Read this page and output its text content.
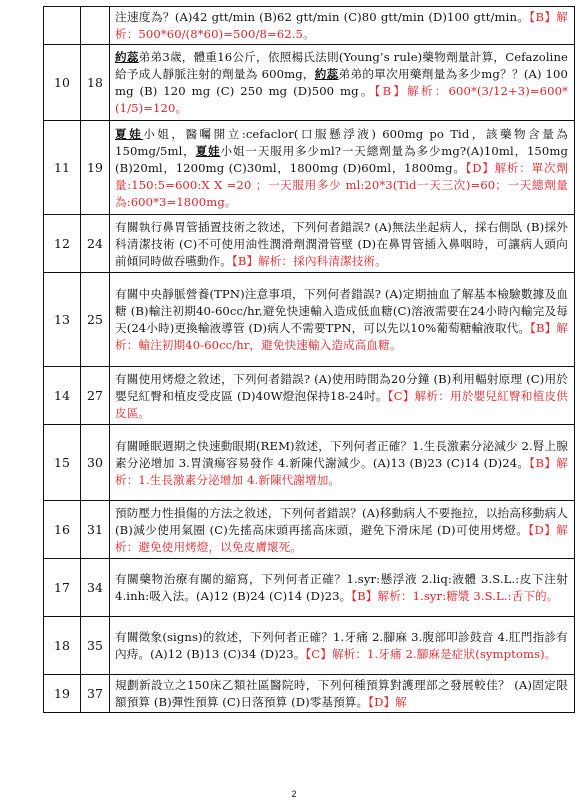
		注速度為？(A)42 gtt/min (B)62 gtt/min (C)80 gtt/min (D)100 gtt/min。【B】解析：500*60/(8*60)=500/8=62.5。
10	18	約蕊弟弟3歲，體重16公斤，依照楊氏法則(Young’s rule)藥物劑量計算，Cefazoline 給予成人靜脈注射的劑量為 600mg，約蕊弟弟的單次用藥劑量為多少mg？？(A) 100 mg (B) 120 mg (C) 250 mg (D)500 mg。【B】解析：600*(3/12+3)=600*(1/5)=120。
11	19	夏娃小姐，醫囑開立:cefaclor(口服懸浮液) 600mg po Tid，該藥物含量為150mg/5ml，夏娃小姐一天服用多少ml?一天總劑量為多少mg?(A)10ml，150mg (B)20ml，1200mg (C)30ml，1800mg (D)60ml，1800mg。【D】解析：單次劑量:150:5=600:X X =20 ；一天服用多少 ml:20*3(Tid一天三次)=60；一天總劑量為:600*3=1800mg。
12	24	有關執行鼻胃管插置技術之敘述，下列何者錯誤? (A)無法坐起病人，採右側臥 (B)採外科清潔技術 (C)不可使用油性潤滑劑潤滑管壁 (D)在鼻胃管插入鼻咽時，可讓病人頭向前傾同時做吞嚥動作。【B】解析：採內科清潔技術。
13	25	有關中央靜脈營養(TPN)注意事項，下列何者錯誤? (A)定期抽血了解基本檢驗數據及血糖 (B)輸注初期40-60cc/hr,避免快速輸入造成低血糖(C)溶液需要在24小時內輸完及每天(24小時)更換輸液導管 (D)病人不需要TPN，可以先以10%葡萄糖輸液取代。【B】解析：輸注初期40-60cc/hr，避免快速輸入造成高血糖。
14	27	有關使用烤燈之敘述，下列何者錯誤? (A)使用時間為20分鐘 (B)利用輻射原理 (C)用於嬰兒紅臀和植皮受皮區 (D)40W燈泡保持18-24吋。【C】解析：用於嬰兒紅臀和植皮供皮區。
15	30	有關睡眠週期之快速動眼期(REM)敘述，下列何者正確？1.生長激素分泌減少 2.腎上腺素分泌增加 3.胃潰瘍容易發作 4.新陳代謝減少。(A)13 (B)23 (C)14 (D)24。【B】解析：1.生長激素分泌增加 4.新陳代謝增加。
16	31	預防壓力性損傷的方法之敘述，下列何者錯誤？(A)移動病人不要拖拉，以抬高移動病人 (B)減少使用氣圈 (C)先搖高床頭再搖高床頭，避免下滑床尾 (D)可使用烤燈。【D】解析：避免使用烤燈，以免皮膚壞死。
17	34	有關藥物治療有關的縮寫，下列何者正確？1.syr:懸浮液 2.liq:液體 3.S.L.:皮下注射 4.inh:吸入法。(A)12 (B)24 (C)14 (D)23。【B】解析：1.syr:糖漿 3.S.L.:舌下的。
18	35	有關徵象(signs)的敘述，下列何者正確？1.牙痛 2.腳麻 3.腹部叩診鼓音 4.肛門指診有內痔。(A)12 (B)13 (C)34 (D)23。【C】解析：1.牙痛 2.腳麻是症狀(symptoms)。
19	37	規劃新設立之150床乙類社區醫院時，下列何種預算對護理部之發展較佳？ (A)固定限額預算 (B)彈性預算 (C)日落預算 (D)零基預算。【D】解
2
